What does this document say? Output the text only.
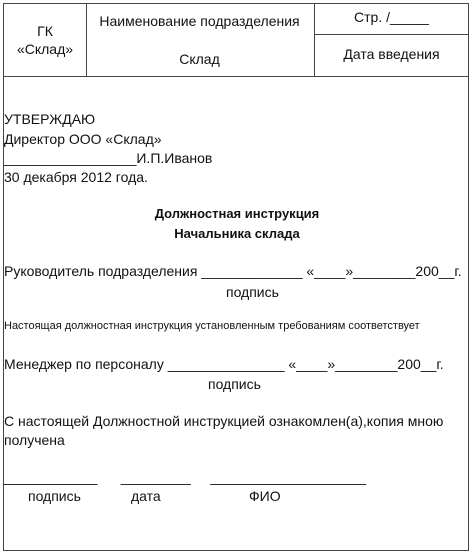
ГК
«Склад»
Наименование подразделения
Склад
Стр. /_____
Дата введения
УТВЕРЖДАЮ
Директор ООО «Склад»
_________________И.П.Иванов
30 декабря 2012 года.
Должностная инструкция
Начальника склада
Руководитель подразделения _____________ «____»________200__г.
подпись
Настоящая должностная инструкция установленным требованиям соответствует
Менеджер по персоналу _______________ «____»________200__г.
подпись
С настоящей Должностной инструкцией ознакомлен(а),копия мною
получена
____________      _________     ____________________
подпись	дата	ФИО
